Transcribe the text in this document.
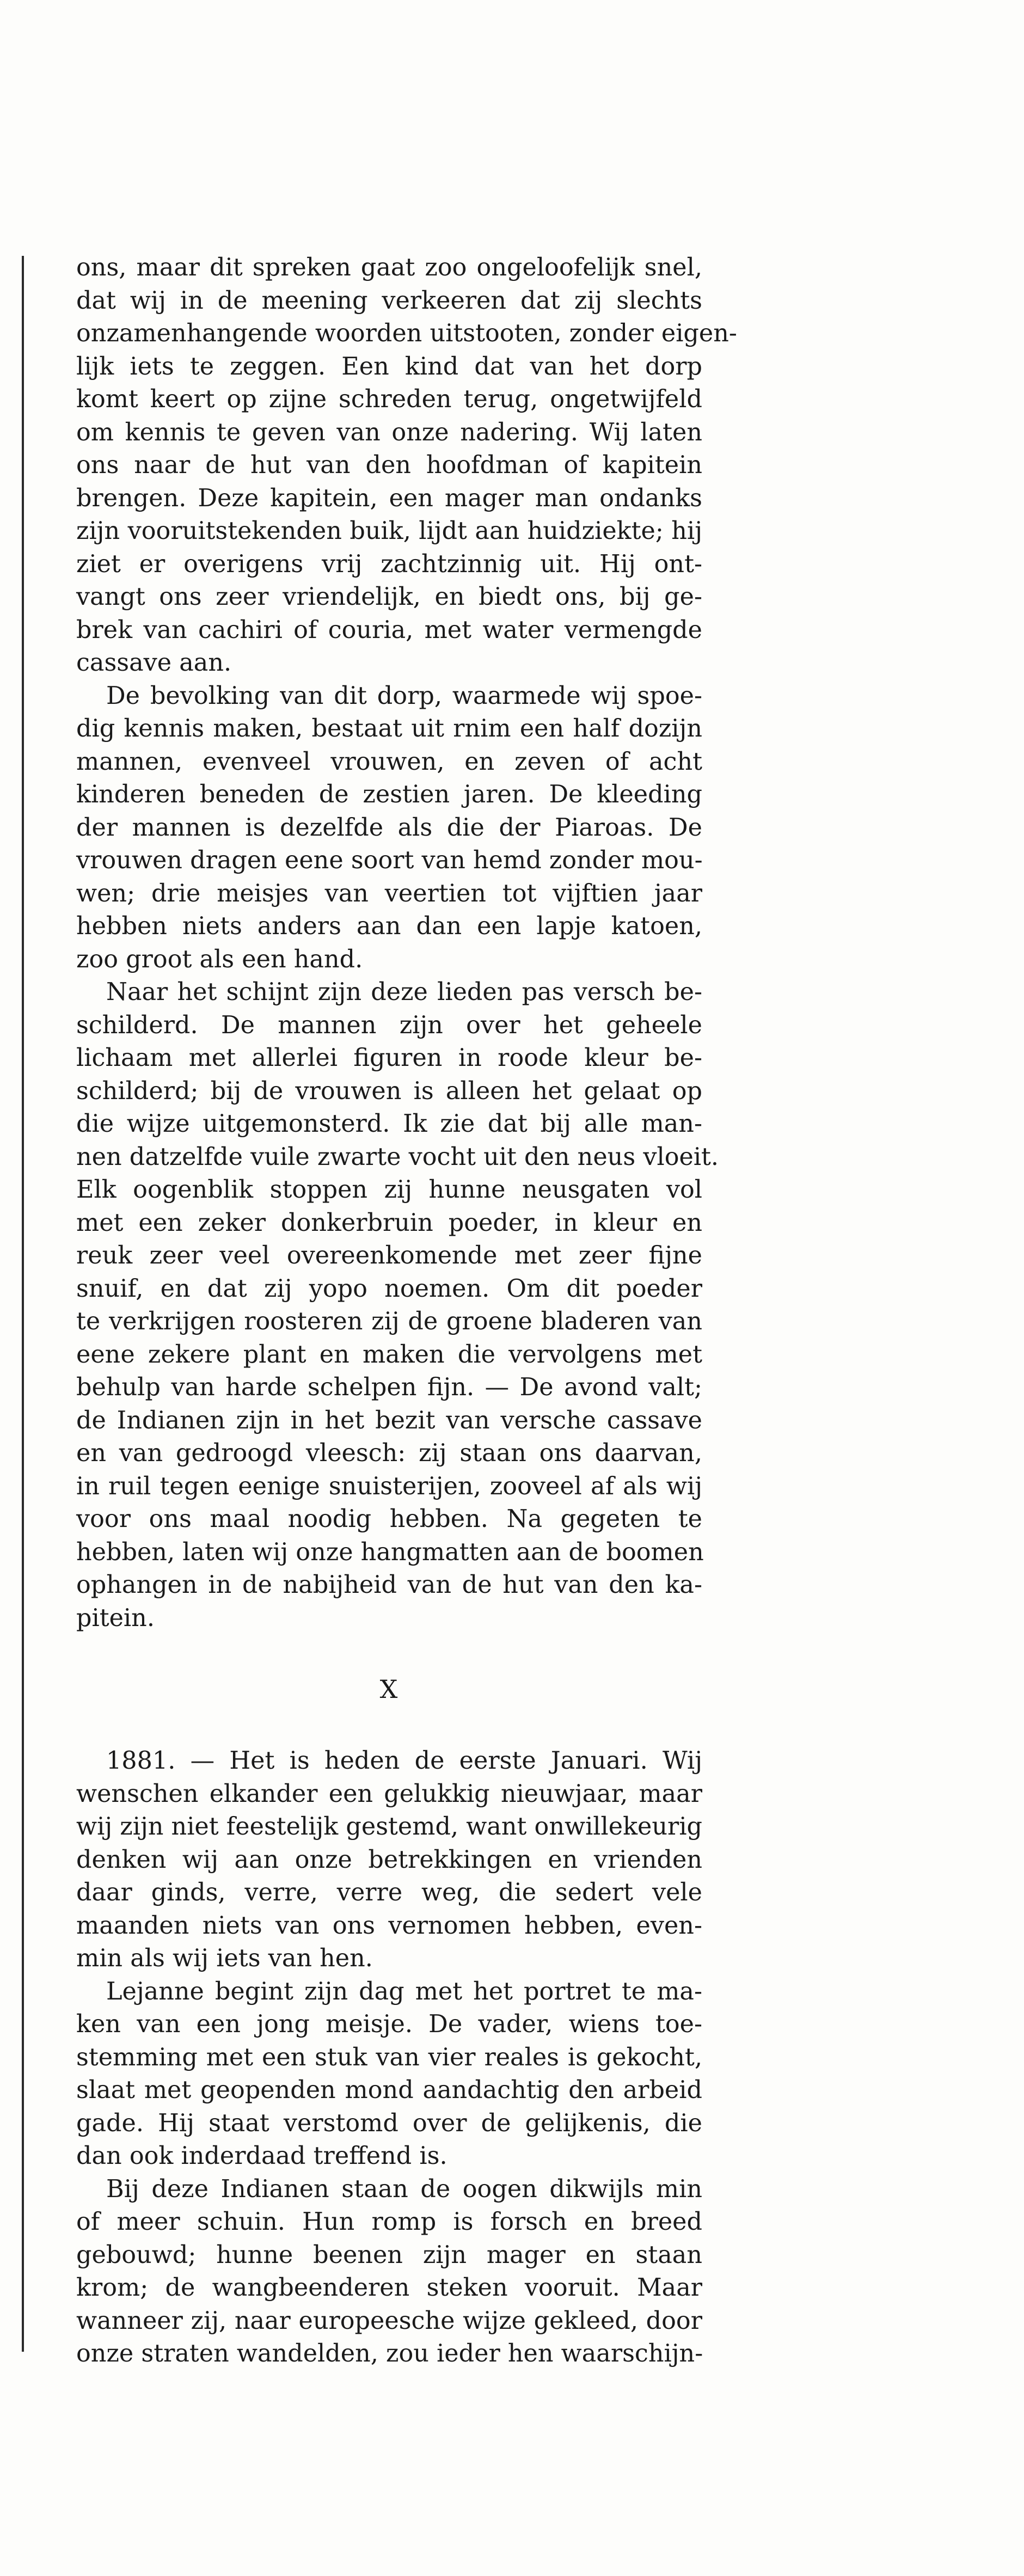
ons, maar dit spreken gaat zoo ongeloofelijk snel,
dat wij in de meening verkeeren dat zij slechts
onzamenhangende woorden uitstooten, zonder eigen-
lijk iets te zeggen. Een kind dat van het dorp
komt keert op zijne schreden terug, ongetwijfeld
om kennis te geven van onze nadering. Wij laten
ons naar de hut van den hoofdman of kapitein
brengen. Deze kapitein, een mager man ondanks
zijn vooruitstekenden buik, lijdt aan huidziekte; hij
ziet er overigens vrij zachtzinnig uit. Hij ont-
vangt ons zeer vriendelijk, en biedt ons, bij ge-
brek van cachiri of couria, met water vermengde
cassave aan.

De bevolking van dit dorp, waarmede wij spoe-
dig kennis maken, bestaat uit rnim een half dozijn
mannen, evenveel vrouwen, en zeven of acht
kinderen beneden de zestien jaren. De kleeding
der mannen is dezelfde als die der Piaroas. De
vrouwen dragen eene soort van hemd zonder mou-
wen; drie meisjes van veertien tot vijftien jaar
hebben niets anders aan dan een lapje katoen,
zoo groot als een hand.

Naar het schijnt zijn deze lieden pas versch be-
schilderd. De mannen zijn over het geheele
lichaam met allerlei figuren in roode kleur be-
schilderd; bij de vrouwen is alleen het gelaat op
die wijze uitgemonsterd. Ik zie dat bij alle man-
nen datzelfde vuile zwarte vocht uit den neus vloeit.
Elk oogenblik stoppen zij hunne neusgaten vol
met een zeker donkerbruin poeder, in kleur en
reuk zeer veel overeenkomende met zeer fijne
snuif, en dat zij yopo noemen. Om dit poeder
te verkrijgen roosteren zij de groene bladeren van
eene zekere plant en maken die vervolgens met
behulp van harde schelpen fijn. — De avond valt;
de Indianen zijn in het bezit van versche cassave
en van gedroogd vleesch: zij staan ons daarvan,
in ruil tegen eenige snuisterijen, zooveel af als wij
voor ons maal noodig hebben. Na gegeten te
hebben, laten wij onze hangmatten aan de boomen
ophangen in de nabijheid van de hut van den ka-
pitein.

X

1881. — Het is heden de eerste Januari. Wij
wenschen elkander een gelukkig nieuwjaar, maar
wij zijn niet feestelijk gestemd, want onwillekeurig
denken wij aan onze betrekkingen en vrienden
daar ginds, verre, verre weg, die sedert vele
maanden niets van ons vernomen hebben, even-
min als wij iets van hen.

Lejanne begint zijn dag met het portret te ma-
ken van een jong meisje. De vader, wiens toe-
stemming met een stuk van vier reales is gekocht,
slaat met geopenden mond aandachtig den arbeid
gade. Hij staat verstomd over de gelijkenis, die
dan ook inderdaad treffend is.

Bij deze Indianen staan de oogen dikwijls min
of meer schuin. Hun romp is forsch en breed
gebouwd; hunne beenen zijn mager en staan
krom; de wangbeenderen steken vooruit. Maar
wanneer zij, naar europeesche wijze gekleed, door
onze straten wandelden, zou ieder hen waarschijn-
